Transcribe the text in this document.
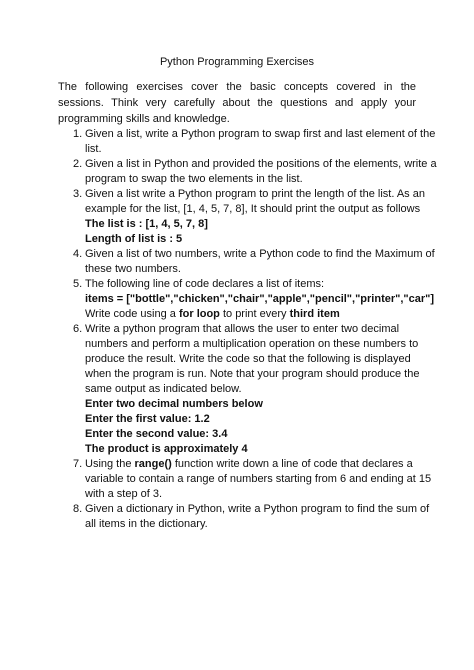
Python Programming Exercises
The following exercises cover the basic concepts covered in the sessions. Think very carefully about the questions and apply your programming skills and knowledge.
1. Given a list, write a Python program to swap first and last element of the
list.
2. Given a list in Python and provided the positions of the elements, write a
program to swap the two elements in the list.
3. Given a list write a Python program to print the length of the list. As an
example for the list, [1, 4, 5, 7, 8], It should print the output as follows
The list is : [1, 4, 5, 7, 8]
Length of list is : 5
4. Given a list of two numbers, write a Python code to find the Maximum of
these two numbers.
5. The following line of code declares a list of items:
items = ["bottle","chicken","chair","apple","pencil","printer","car"]
Write code using a for loop to print every third item
6. Write a python program that allows the user to enter two decimal
numbers and perform a multiplication operation on these numbers to
produce the result. Write the code so that the following is displayed
when the program is run. Note that your program should produce the
same output as indicated below.
Enter two decimal numbers below
Enter the first value: 1.2
Enter the second value: 3.4
The product is approximately 4
7. Using the range() function write down a line of code that declares a
variable to contain a range of numbers starting from 6 and ending at 15
with a step of 3.
8. Given a dictionary in Python, write a Python program to find the sum of
all items in the dictionary.
